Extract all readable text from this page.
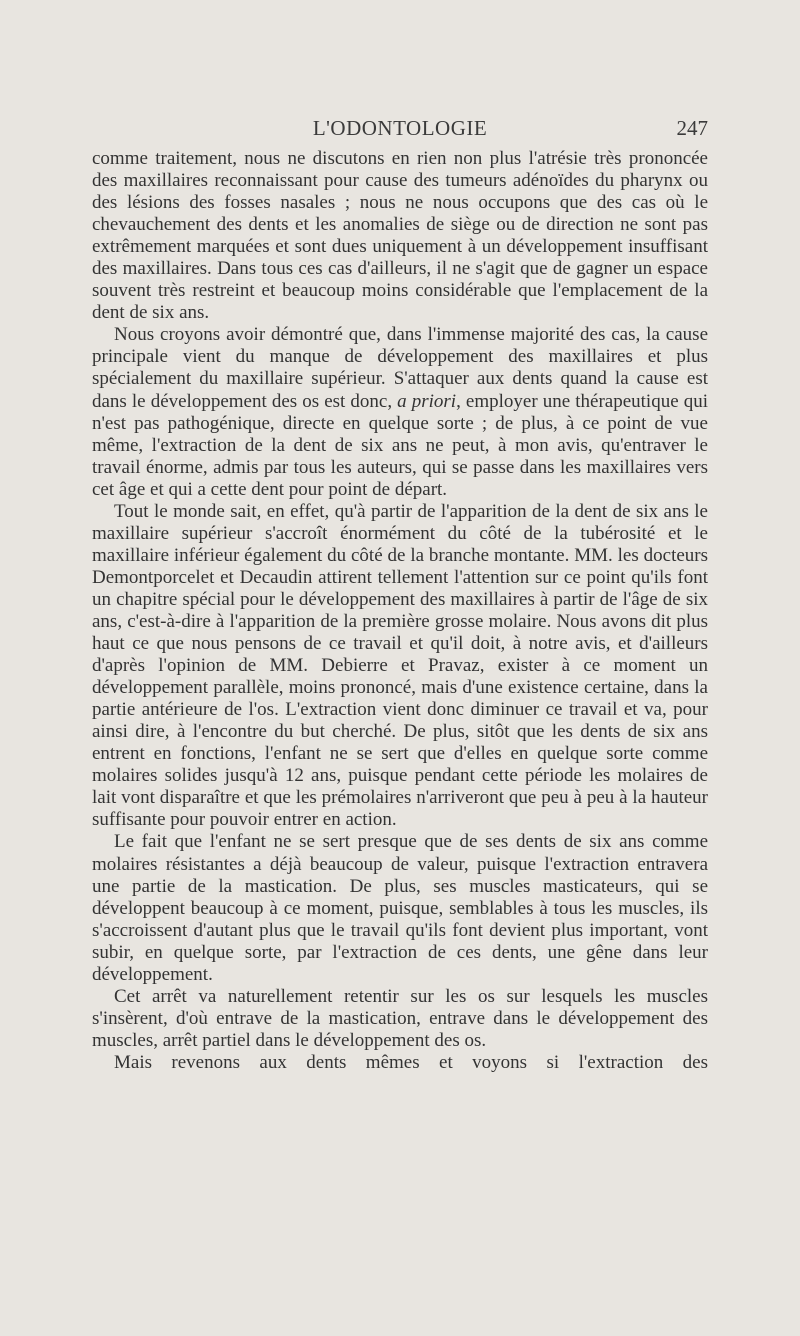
L'ODONTOLOGIE	247

comme traitement, nous ne discutons en rien non plus l'atrésie très prononcée des maxillaires reconnaissant pour cause des tumeurs adénoïdes du pharynx ou des lésions des fosses nasales ; nous ne nous occupons que des cas où le chevauchement des dents et les anomalies de siège ou de direction ne sont pas extrêmement marquées et sont dues uniquement à un développement insuffisant des maxillaires. Dans tous ces cas d'ailleurs, il ne s'agit que de gagner un espace souvent très restreint et beaucoup moins considérable que l'emplacement de la dent de six ans.

Nous croyons avoir démontré que, dans l'immense majorité des cas, la cause principale vient du manque de développement des maxillaires et plus spécialement du maxillaire supérieur. S'attaquer aux dents quand la cause est dans le développement des os est donc, a priori, employer une thérapeutique qui n'est pas pathogénique, directe en quelque sorte ; de plus, à ce point de vue même, l'extraction de la dent de six ans ne peut, à mon avis, qu'entraver le travail énorme, admis par tous les auteurs, qui se passe dans les maxillaires vers cet âge et qui a cette dent pour point de départ.

Tout le monde sait, en effet, qu'à partir de l'apparition de la dent de six ans le maxillaire supérieur s'accroît énormément du côté de la tubérosité et le maxillaire inférieur également du côté de la branche montante. MM. les docteurs Demontporcelet et Decaudin attirent tellement l'attention sur ce point qu'ils font un chapitre spécial pour le développement des maxillaires à partir de l'âge de six ans, c'est-à-dire à l'apparition de la première grosse molaire. Nous avons dit plus haut ce que nous pensons de ce travail et qu'il doit, à notre avis, et d'ailleurs d'après l'opinion de MM. Debierre et Pravaz, exister à ce moment un développement parallèle, moins prononcé, mais d'une existence certaine, dans la partie antérieure de l'os. L'extraction vient donc diminuer ce travail et va, pour ainsi dire, à l'encontre du but cherché. De plus, sitôt que les dents de six ans entrent en fonctions, l'enfant ne se sert que d'elles en quelque sorte comme molaires solides jusqu'à 12 ans, puisque pendant cette période les molaires de lait vont disparaître et que les prémolaires n'arriveront que peu à peu à la hauteur suffisante pour pouvoir entrer en action.

Le fait que l'enfant ne se sert presque que de ses dents de six ans comme molaires résistantes a déjà beaucoup de valeur, puisque l'extraction entravera une partie de la mastication. De plus, ses muscles masticateurs, qui se développent beaucoup à ce moment, puisque, semblables à tous les muscles, ils s'accroissent d'autant plus que le travail qu'ils font devient plus important, vont subir, en quelque sorte, par l'extraction de ces dents, une gêne dans leur développement.

Cet arrêt va naturellement retentir sur les os sur lesquels les muscles s'insèrent, d'où entrave de la mastication, entrave dans le développement des muscles, arrêt partiel dans le développement des os.

Mais revenons aux dents mêmes et voyons si l'extraction des
